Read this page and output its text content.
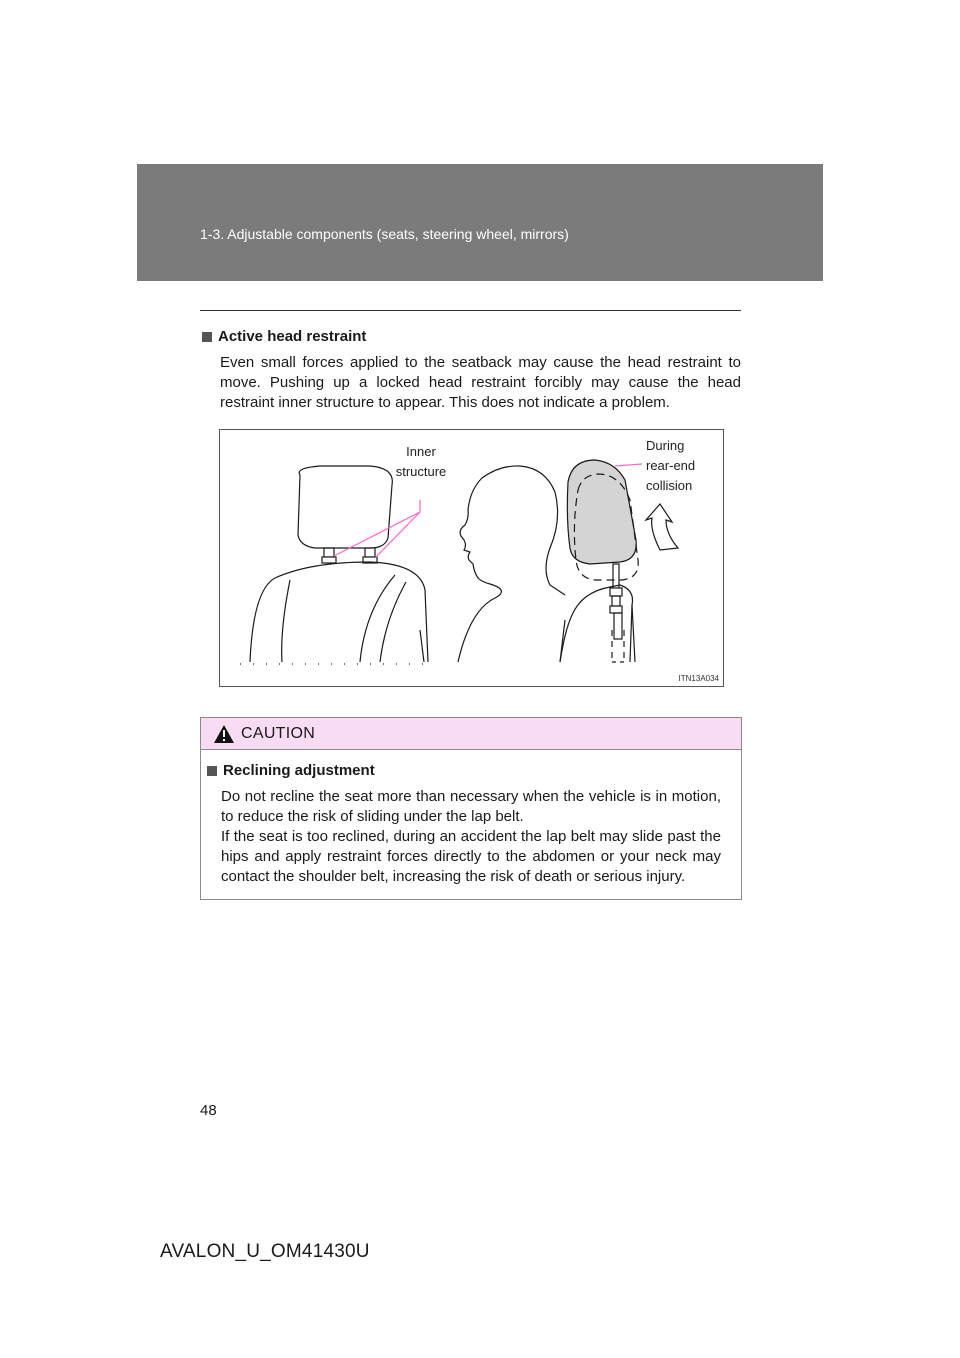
1-3. Adjustable components (seats, steering wheel, mirrors)
Active head restraint
Even small forces applied to the seatback may cause the head restraint to move. Pushing up a locked head restraint forcibly may cause the head restraint inner structure to appear. This does not indicate a problem.
Inner structure
During
rear-end
collision
ITN13A034
CAUTION
Reclining adjustment
Do not recline the seat more than necessary when the vehicle is in motion, to reduce the risk of sliding under the lap belt.
If the seat is too reclined, during an accident the lap belt may slide past the hips and apply restraint forces directly to the abdomen or your neck may contact the shoulder belt, increasing the risk of death or serious injury.
48
AVALON_U_OM41430U
